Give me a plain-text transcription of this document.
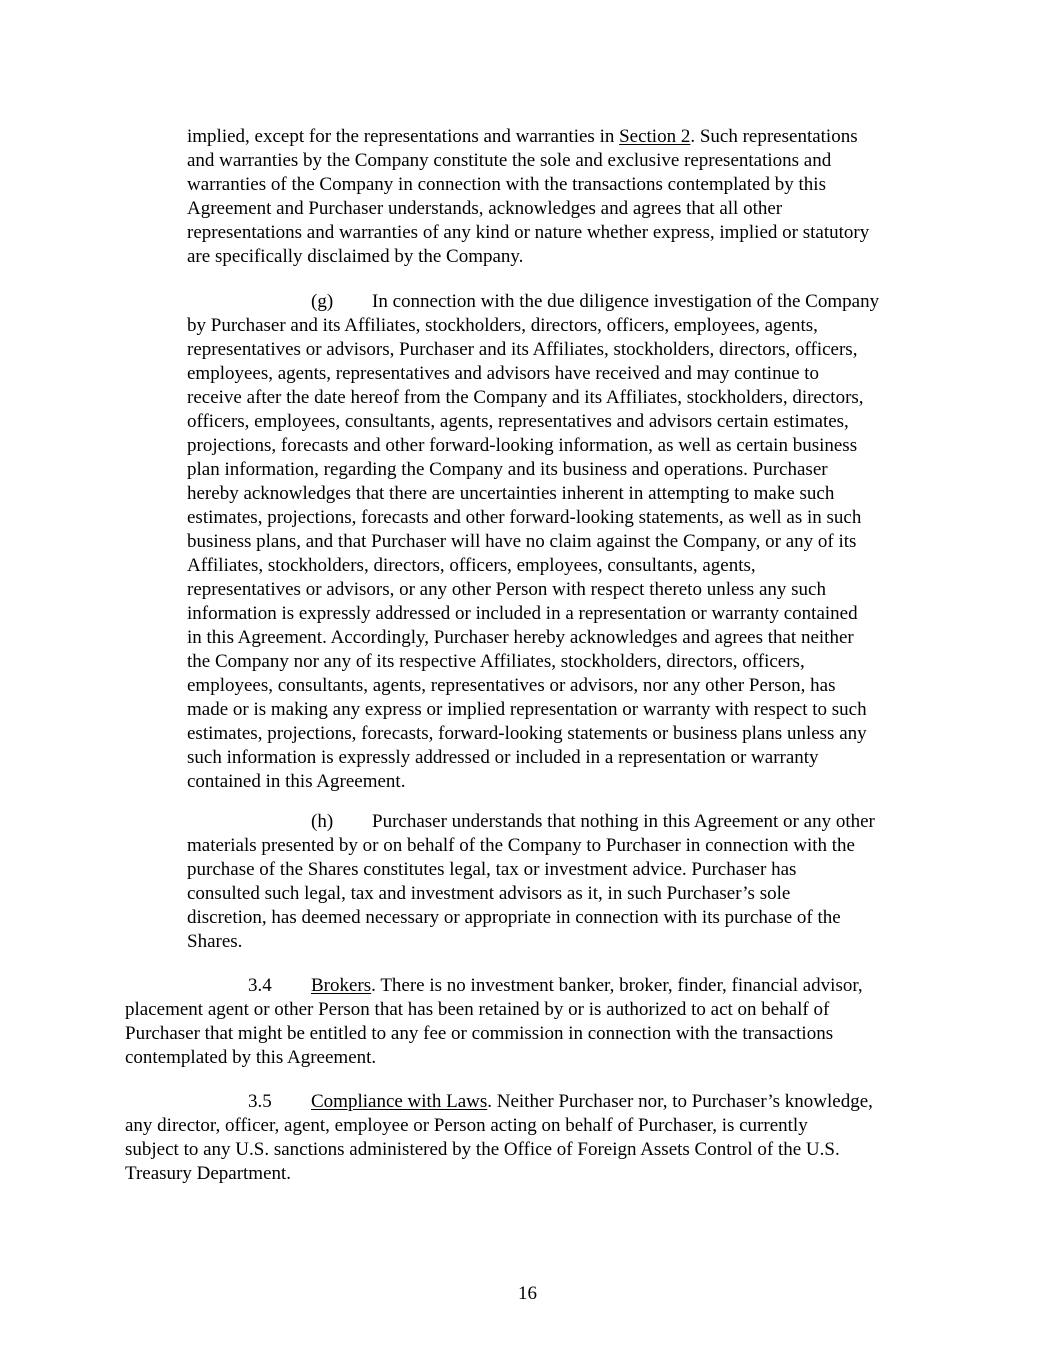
implied, except for the representations and warranties in Section 2. Such representations

and warranties by the Company constitute the sole and exclusive representations and

warranties of the Company in connection with the transactions contemplated by this

Agreement and Purchaser understands, acknowledges and agrees that all other

representations and warranties of any kind or nature whether express, implied or statutory

are specifically disclaimed by the Company.

(g) In connection with the due diligence investigation of the Company

by Purchaser and its Affiliates, stockholders, directors, officers, employees, agents,

representatives or advisors, Purchaser and its Affiliates, stockholders, directors, officers,

employees, agents, representatives and advisors have received and may continue to

receive after the date hereof from the Company and its Affiliates, stockholders, directors,

officers, employees, consultants, agents, representatives and advisors certain estimates,

projections, forecasts and other forward-looking information, as well as certain business

plan information, regarding the Company and its business and operations. Purchaser

hereby acknowledges that there are uncertainties inherent in attempting to make such

estimates, projections, forecasts and other forward-looking statements, as well as in such

business plans, and that Purchaser will have no claim against the Company, or any of its

Affiliates, stockholders, directors, officers, employees, consultants, agents,

representatives or advisors, or any other Person with respect thereto unless any such

information is expressly addressed or included in a representation or warranty contained

in this Agreement. Accordingly, Purchaser hereby acknowledges and agrees that neither

the Company nor any of its respective Affiliates, stockholders, directors, officers,

employees, consultants, agents, representatives or advisors, nor any other Person, has

made or is making any express or implied representation or warranty with respect to such

estimates, projections, forecasts, forward-looking statements or business plans unless any

such information is expressly addressed or included in a representation or warranty

contained in this Agreement.

(h) Purchaser understands that nothing in this Agreement or any other

materials presented by or on behalf of the Company to Purchaser in connection with the

purchase of the Shares constitutes legal, tax or investment advice. Purchaser has

consulted such legal, tax and investment advisors as it, in such Purchaser’s sole

discretion, has deemed necessary or appropriate in connection with its purchase of the

Shares.

3.4 Brokers. There is no investment banker, broker, finder, financial advisor,

placement agent or other Person that has been retained by or is authorized to act on behalf of

Purchaser that might be entitled to any fee or commission in connection with the transactions

contemplated by this Agreement.

3.5 Compliance with Laws. Neither Purchaser nor, to Purchaser’s knowledge,

any director, officer, agent, employee or Person acting on behalf of Purchaser, is currently

subject to any U.S. sanctions administered by the Office of Foreign Assets Control of the U.S.

Treasury Department.

16
